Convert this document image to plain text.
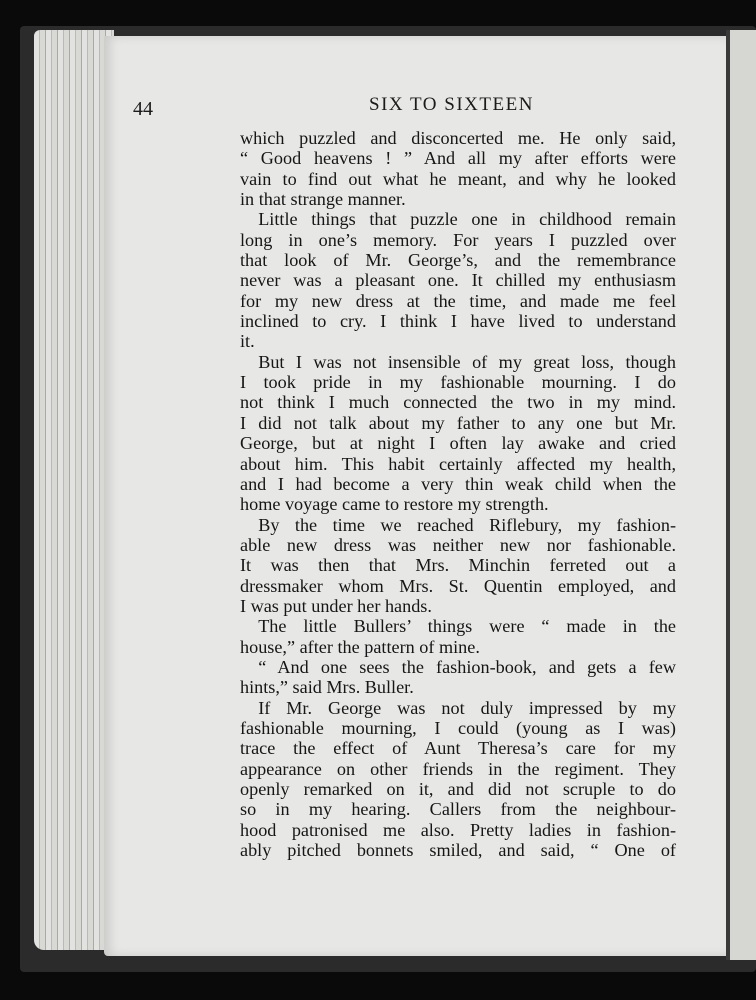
44	SIX TO SIXTEEN
which puzzled and disconcerted me. He only said,
“ Good heavens ! ” And all my after efforts were
vain to find out what he meant, and why he looked
in that strange manner.
 Little things that puzzle one in childhood remain
long in one’s memory. For years I puzzled over
that look of Mr. George’s, and the remembrance
never was a pleasant one. It chilled my enthusiasm
for my new dress at the time, and made me feel
inclined to cry. I think I have lived to understand
it.
 But I was not insensible of my great loss, though
I took pride in my fashionable mourning. I do
not think I much connected the two in my mind.
I did not talk about my father to any one but Mr.
George, but at night I often lay awake and cried
about him. This habit certainly affected my health,
and I had become a very thin weak child when the
home voyage came to restore my strength.
 By the time we reached Riflebury, my fashion-
able new dress was neither new nor fashionable.
It was then that Mrs. Minchin ferreted out a
dressmaker whom Mrs. St. Quentin employed, and
I was put under her hands.
 The little Bullers’ things were “ made in the
house,” after the pattern of mine.
 “ And one sees the fashion-book, and gets a few
hints,” said Mrs. Buller.
 If Mr. George was not duly impressed by my
fashionable mourning, I could (young as I was)
trace the effect of Aunt Theresa’s care for my
appearance on other friends in the regiment. They
openly remarked on it, and did not scruple to do
so in my hearing. Callers from the neighbour-
hood patronised me also. Pretty ladies in fashion-
ably pitched bonnets smiled, and said, “ One of
